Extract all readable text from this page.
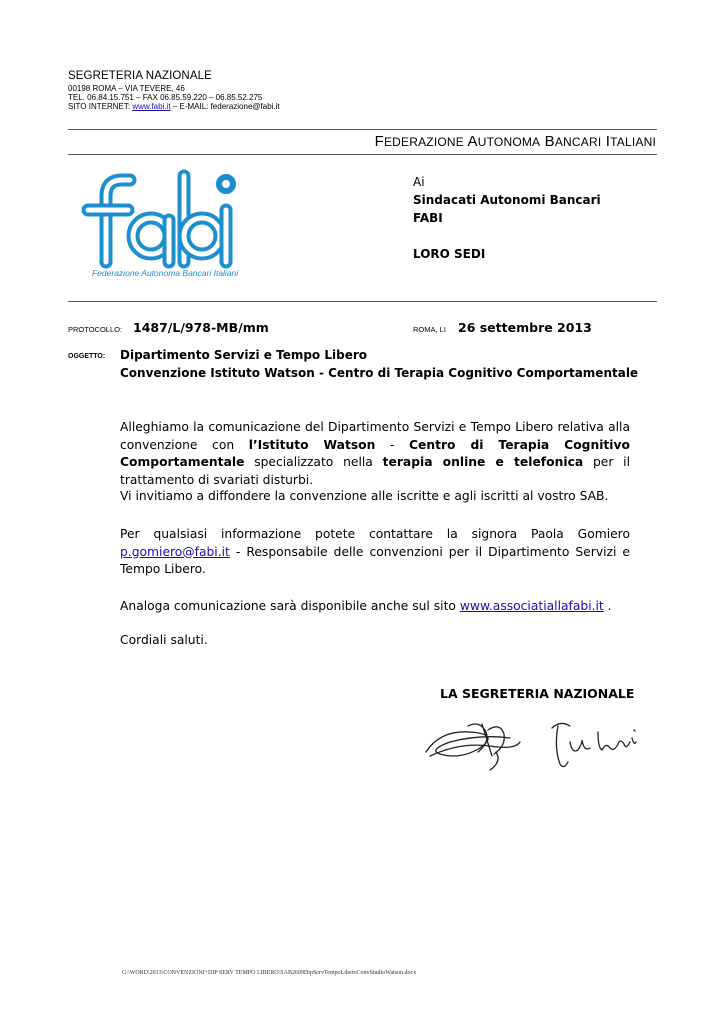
SEGRETERIA NAZIONALE
00198 ROMA – VIA TEVERE, 46
TEL. 06.84.15.751 – FAX 06.85.59.220 – 06.85.52.275
SITO INTERNET: www.fabi.it – E-MAIL: federazione@fabi.it
FEDERAZIONE AUTONOMA BANCARI ITALIANI
Federazione Autonoma Bancari Italiani
Ai
Sindacati Autonomi Bancari
FABI
LORO SEDI
PROTOCOLLO: 1487/L/978-MB/mm	ROMA, LI 26 settembre 2013
OGGETTO: Dipartimento Servizi e Tempo Libero
Convenzione Istituto Watson - Centro di Terapia Cognitivo Comportamentale
Alleghiamo la comunicazione del Dipartimento Servizi e Tempo Libero relativa alla convenzione con l’Istituto Watson - Centro di Terapia Cognitivo Comportamentale specializzato nella terapia online e telefonica per il trattamento di svariati disturbi.
Vi invitiamo a diffondere la convenzione alle iscritte e agli iscritti al vostro SAB.
Per qualsiasi informazione potete contattare la signora Paola Gomiero p.gomiero@fabi.it - Responsabile delle convenzioni per il Dipartimento Servizi e Tempo Libero.
Analoga comunicazione sarà disponibile anche sul sito www.associatiallafabi.it .
Cordiali saluti.
LA SEGRETERIA NAZIONALE
G:\WORD\2013\CONVENZIONI+DIP SERV TEMPO LIBERO\SAB2609DipServTempoLiberoConvStudioWatson.docx
